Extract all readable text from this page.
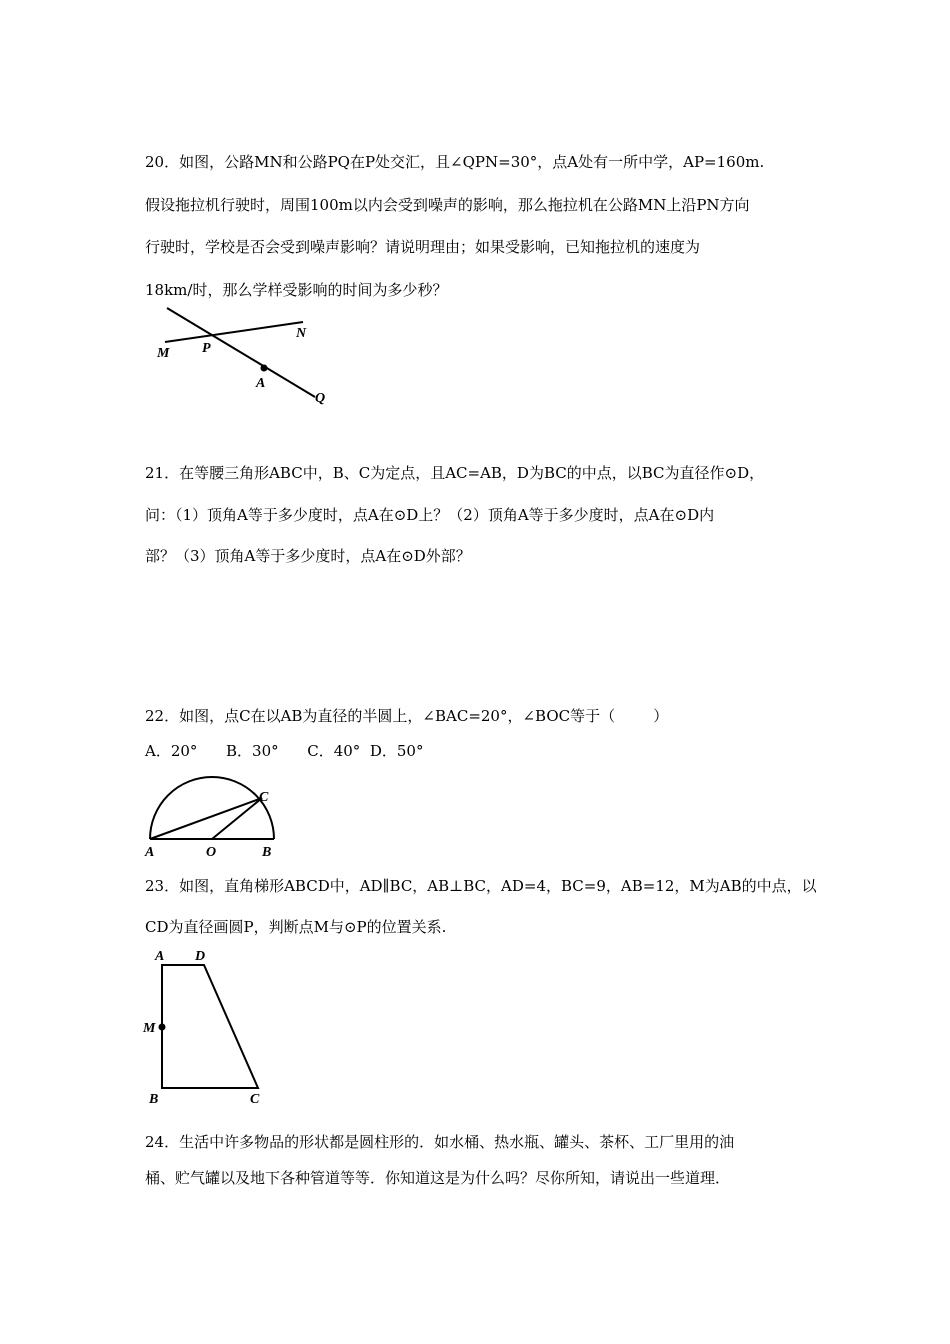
20．如图，公路MN和公路PQ在P处交汇，且∠QPN=30°，点A处有一所中学，AP=160m.
假设拖拉机行驶时，周围100m以内会受到噪声的影响，那么拖拉机在公路MN上沿PN方向
行驶时，学校是否会受到噪声影响？请说明理由；如果受影响，已知拖拉机的速度为
18km/时，那么学样受影响的时间为多少秒？
M P
N
A
Q
21．在等腰三角形ABC中，B、C为定点，且AC=AB，D为BC的中点，以BC为直径作⊙D，
问：（1）顶角A等于多少度时，点A在⊙D上？（2）顶角A等于多少度时，点A在⊙D内
部？（3）顶角A等于多少度时，点A在⊙D外部？
22．如图，点C在以AB为直径的半圆上，∠BAC=20°，∠BOC等于（        ）
A．20°      B．30°      C．40°  D．50°
A	O	B
C
23．如图，直角梯形ABCD中，AD∥BC，AB⊥BC，AD=4，BC=9，AB=12，M为AB的中点，以
CD为直径画圆P，判断点M与⊙P的位置关系.
A D
M
B	C
24．生活中许多物品的形状都是圆柱形的．如水桶、热水瓶、罐头、茶杯、工厂里用的油
桶、贮气罐以及地下各种管道等等．你知道这是为什么吗？尽你所知，请说出一些道理．
